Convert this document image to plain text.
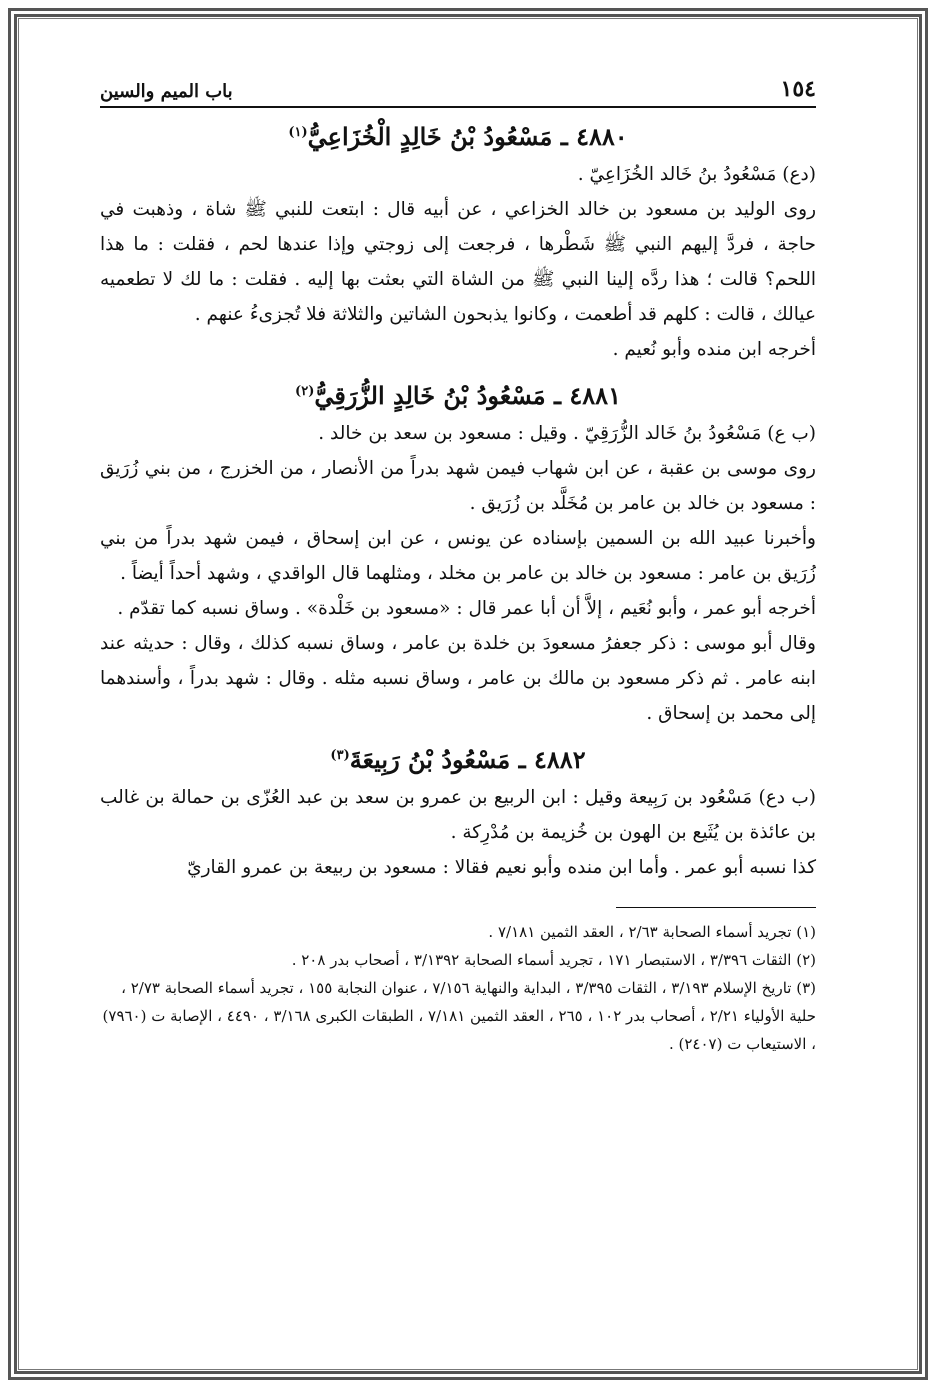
١٥٤
باب الميم والسين
٤٨٨٠ ـ مَسْعُودُ بْنُ خَالِدٍ الْخُزَاعِيُّ$^{(١)}$

(دع) مَسْعُودُ بنُ خَالد الخُزَاعِيّ .

روى الوليد بن مسعود بن خالد الخزاعي ، عن أبيه قال : ابتعت للنبي ﷺ شاة ، وذهبت في حاجة ، فردَّ إليهم النبي ﷺ شَطْرها ، فرجعت إلى زوجتي وإذا عندها لحم ، فقلت : ما هذا اللحم؟ قالت ؛ هذا ردَّه إلينا النبي ﷺ من الشاة التي بعثت بها إليه . فقلت : ما لك لا تطعميه عيالك ، قالت : كلهم قد أطعمت ، وكانوا يذبحون الشاتين والثلاثة فلا تُجزىءُ عنهم .

أخرجه ابن منده وأبو نُعيم .

٤٨٨١ ـ مَسْعُودُ بْنُ خَالِدٍ الزُّرَقِيُّ$^{(٢)}$

(ب ع) مَسْعُودُ بنُ خَالد الزُّرَقِيّ . وقيل : مسعود بن سعد بن خالد .

روى موسى بن عقبة ، عن ابن شهاب فيمن شهد بدراً من الأنصار ، من الخزرج ، من بني زُرَيق : مسعود بن خالد بن عامر بن مُخَلَّد بن زُرَيق .

وأخبرنا عبيد الله بن السمين بإسناده عن يونس ، عن ابن إسحاق ، فيمن شهد بدراً من بني زُرَيق بن عامر : مسعود بن خالد بن عامر بن مخلد ، ومثلهما قال الواقدي ، وشهد أحداً أيضاً .

أخرجه أبو عمر ، وأبو نُعَيم ، إلاَّ أن أبا عمر قال : «مسعود بن خَلْدة» . وساق نسبه كما تقدّم .

وقال أبو موسى : ذكر جعفرُ مسعودَ بن خلدة بن عامر ، وساق نسبه كذلك ، وقال : حديثه عند ابنه عامر . ثم ذكر مسعود بن مالك بن عامر ، وساق نسبه مثله . وقال : شهد بدراً ، وأسندهما إلى محمد بن إسحاق .

٤٨٨٢ ـ مَسْعُودُ بْنُ رَبِيعَةَ$^{(٣)}$

(ب دع) مَسْعُود بن رَبِيعة وقيل : ابن الربيع بن عمرو بن سعد بن عبد العُزّى بن حمالة بن غالب بن عائذة بن يُثَيع بن الهون بن خُزيمة بن مُدْرِكة .

كذا نسبه أبو عمر . وأما ابن منده وأبو نعيم فقالا : مسعود بن ربيعة بن عمرو القاريّ

(١) تجريد أسماء الصحابة ٢/٦٣ ، العقد الثمين ٧/١٨١ .
(٢) الثقات ٣/٣٩٦ ، الاستبصار ١٧١ ، تجريد أسماء الصحابة ٣/١٣٩٢ ، أصحاب بدر ٢٠٨ .
(٣) تاريخ الإسلام ٣/١٩٣ ، الثقات ٣/٣٩٥ ، البداية والنهاية ٧/١٥٦ ، عنوان النجابة ١٥٥ ، تجريد أسماء الصحابة ٢/٧٣ ، حلية الأولياء ٢/٢١ ، أصحاب بدر ١٠٢ ، ٢٦٥ ، العقد الثمين ٧/١٨١ ، الطبقات الكبرى ٣/١٦٨ ، ٤٤٩٠ ، الإصابة ت (٧٩٦٠) ، الاستيعاب ت (٢٤٠٧) .
